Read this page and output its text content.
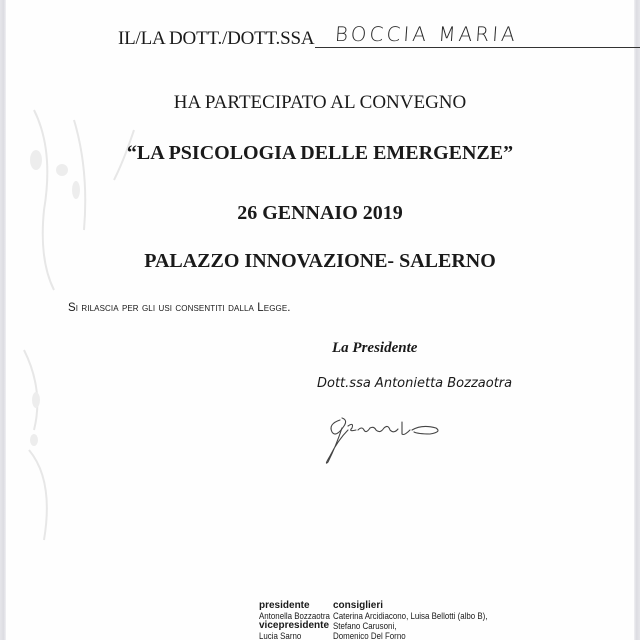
IL/LA DOTT./DOTT.SSA BOCCIA MARIA
HA PARTECIPATO AL CONVEGNO
“LA PSICOLOGIA DELLE EMERGENZE”
26 GENNAIO 2019
PALAZZO INNOVAZIONE- SALERNO
Si rilascia per gli usi consentiti dalla Legge.
La Presidente
Dott.ssa Antonietta Bozzaotra
presidente
Antonella Bozzaotra
vicepresidente
Lucia Sarno
consiglieri
Caterina Arcidiacono, Luisa Bellotti (albo B),
Stefano Carusoni,
Domenico Del Forno
